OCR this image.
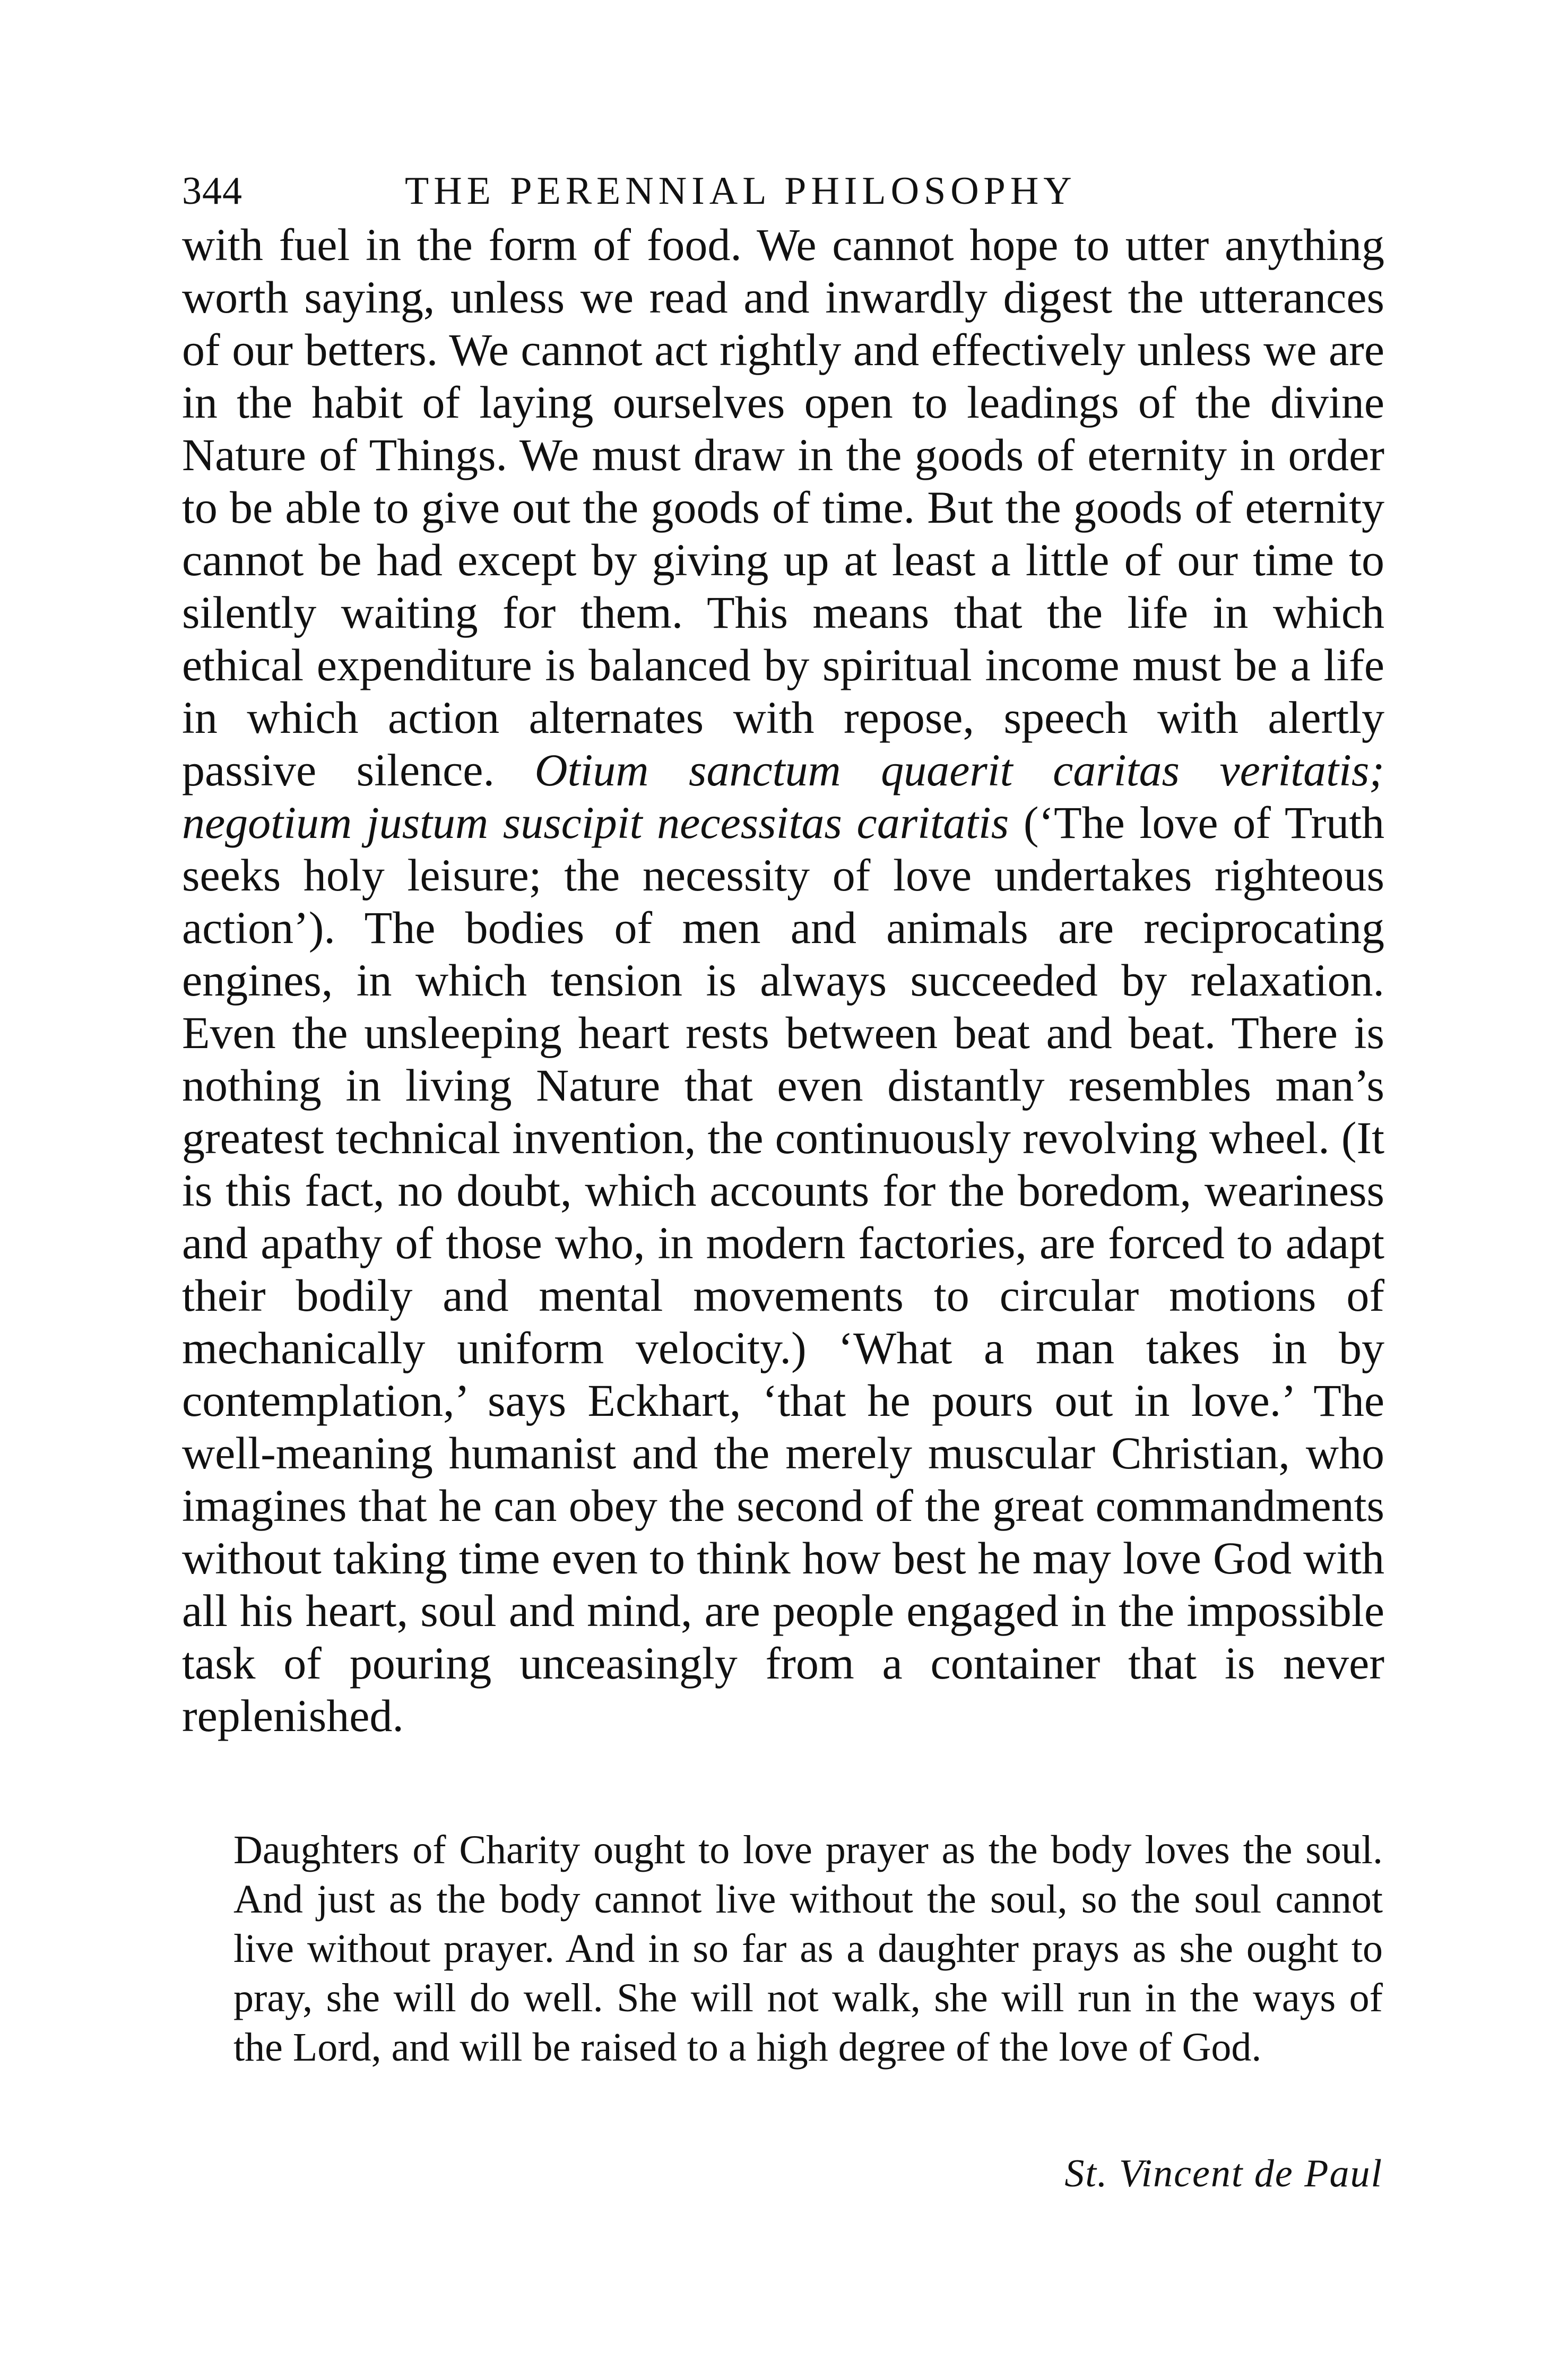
344	THE PERENNIAL PHILOSOPHY

with fuel in the form of food. We cannot hope to utter anything worth saying, unless we read and inwardly digest the utterances of our betters. We cannot act rightly and effectively unless we are in the habit of laying ourselves open to leadings of the divine Nature of Things. We must draw in the goods of eternity in order to be able to give out the goods of time. But the goods of eternity cannot be had except by giving up at least a little of our time to silently waiting for them. This means that the life in which ethical expenditure is balanced by spiritual income must be a life in which action alternates with repose, speech with alertly passive silence. Otium sanctum quaerit caritas veritatis; negotium justum suscipit necessitas caritatis (‘The love of Truth seeks holy leisure; the necessity of love undertakes righteous action’). The bodies of men and animals are reciprocating engines, in which tension is always succeeded by relaxation. Even the unsleeping heart rests between beat and beat. There is nothing in living Nature that even distantly resembles man’s greatest technical invention, the continuously revolving wheel. (It is this fact, no doubt, which accounts for the boredom, weariness and apathy of those who, in modern factories, are forced to adapt their bodily and mental movements to circular motions of mechanically uniform velocity.) ‘What a man takes in by contemplation,’ says Eckhart, ‘that he pours out in love.’ The well-meaning humanist and the merely muscular Christian, who imagines that he can obey the second of the great commandments without taking time even to think how best he may love God with all his heart, soul and mind, are people engaged in the impossible task of pouring unceasingly from a container that is never replenished.

Daughters of Charity ought to love prayer as the body loves the soul. And just as the body cannot live without the soul, so the soul cannot live without prayer. And in so far as a daughter prays as she ought to pray, she will do well. She will not walk, she will run in the ways of the Lord, and will be raised to a high degree of the love of God.

St. Vincent de Paul
